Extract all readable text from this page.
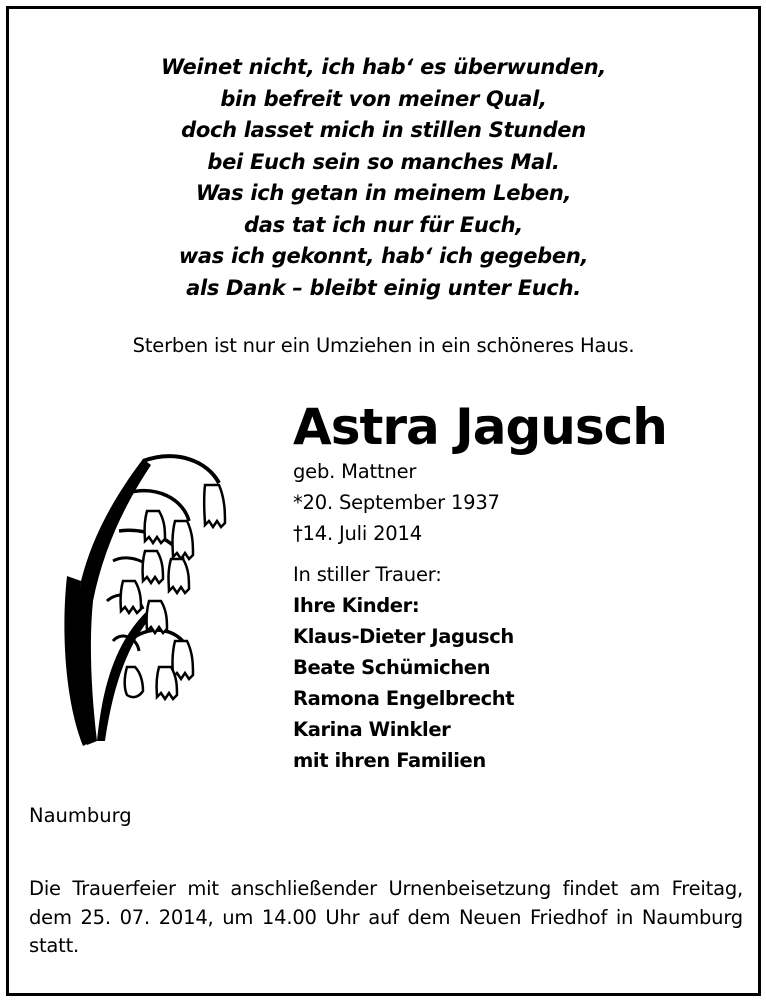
Weinet nicht, ich hab‘ es überwunden,
bin befreit von meiner Qual,
doch lasset mich in stillen Stunden
bei Euch sein so manches Mal.
Was ich getan in meinem Leben,
das tat ich nur für Euch,
was ich gekonnt, hab‘ ich gegeben,
als Dank – bleibt einig unter Euch.
Sterben ist nur ein Umziehen in ein schöneres Haus.
Astra Jagusch
geb. Mattner
*20. September 1937
†14. Juli 2014
In stiller Trauer:
Ihre Kinder:
Klaus-Dieter Jagusch
Beate Schümichen
Ramona Engelbrecht
Karina Winkler
mit ihren Familien
Naumburg
Die Trauerfeier mit anschließender Urnenbeisetzung findet am Freitag, dem 25. 07. 2014, um 14.00 Uhr auf dem Neuen Friedhof in Naumburg statt.
